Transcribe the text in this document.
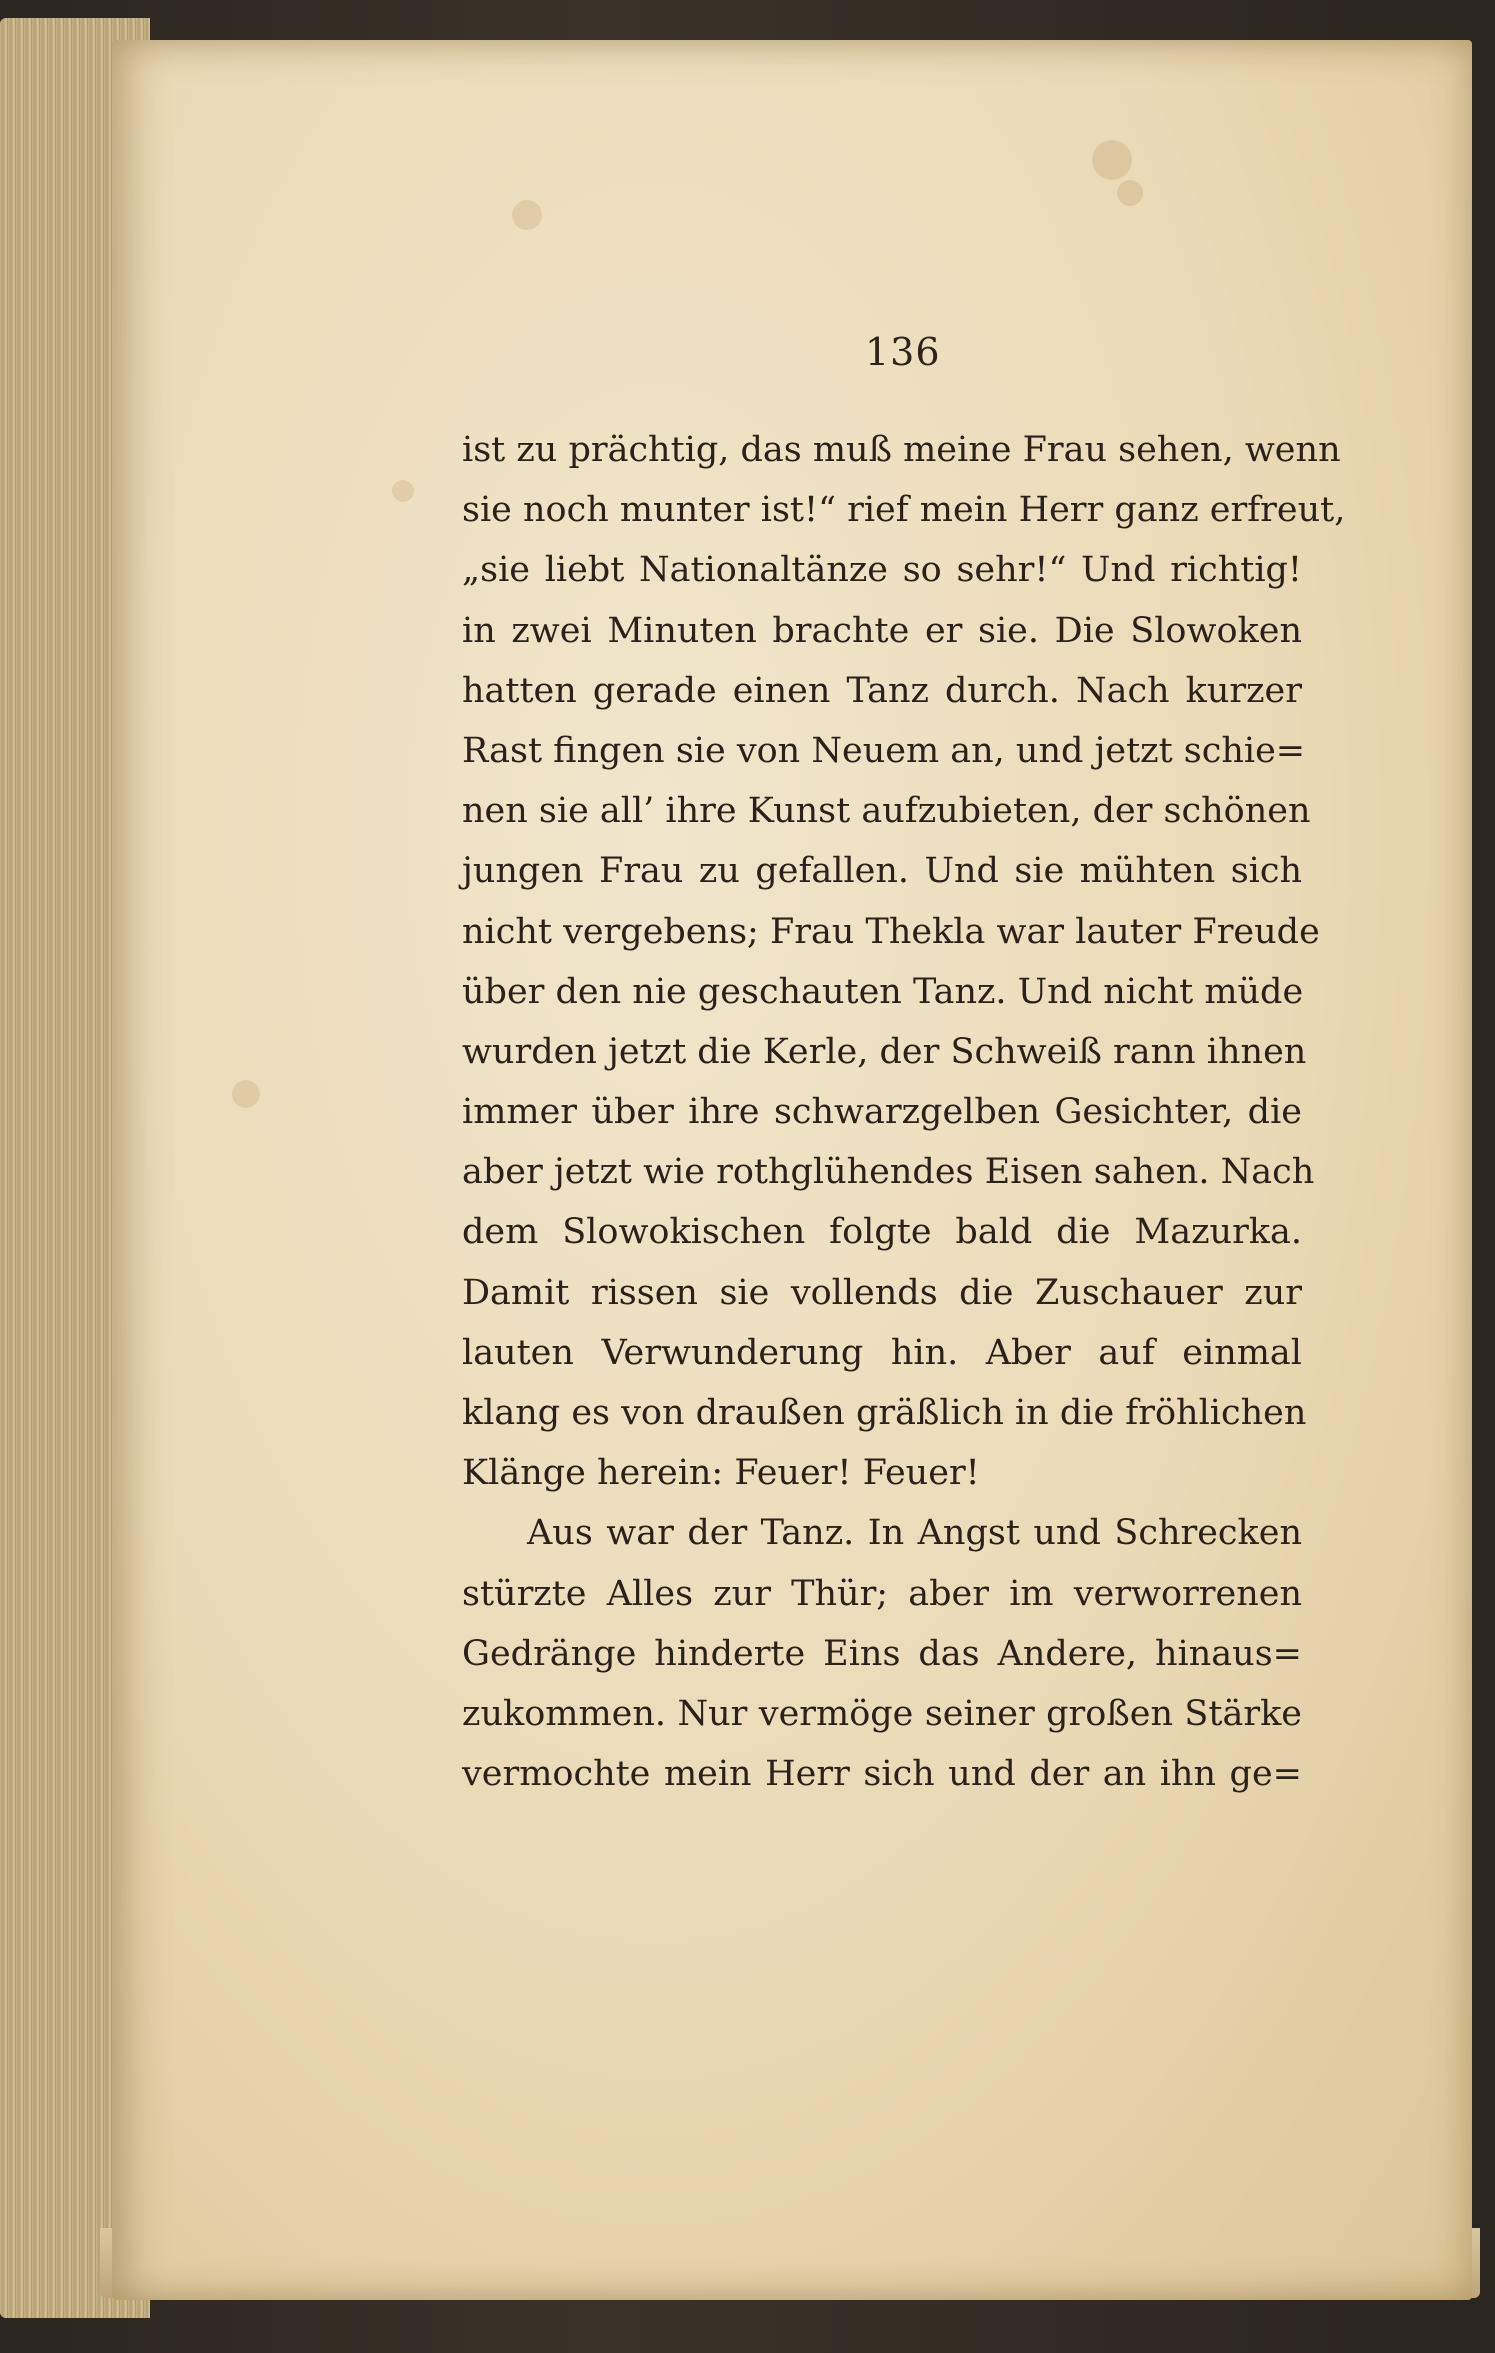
136
ist zu prächtig, das muß meine Frau sehen, wenn
sie noch munter ist!“ rief mein Herr ganz erfreut,
„sie liebt Nationaltänze so sehr!“ Und richtig!
in zwei Minuten brachte er sie. Die Slowoken
hatten gerade einen Tanz durch. Nach kurzer
Rast fingen sie von Neuem an, und jetzt schie=
nen sie all’ ihre Kunst aufzubieten, der schönen
jungen Frau zu gefallen. Und sie mühten sich
nicht vergebens; Frau Thekla war lauter Freude
über den nie geschauten Tanz. Und nicht müde
wurden jetzt die Kerle, der Schweiß rann ihnen
immer über ihre schwarzgelben Gesichter, die
aber jetzt wie rothglühendes Eisen sahen. Nach
dem Slowokischen folgte bald die Mazurka.
Damit rissen sie vollends die Zuschauer zur
lauten Verwunderung hin. Aber auf einmal
klang es von draußen gräßlich in die fröhlichen
Klänge herein: Feuer! Feuer!
Aus war der Tanz. In Angst und Schrecken
stürzte Alles zur Thür; aber im verworrenen
Gedränge hinderte Eins das Andere, hinaus=
zukommen. Nur vermöge seiner großen Stärke
vermochte mein Herr sich und der an ihn ge=
